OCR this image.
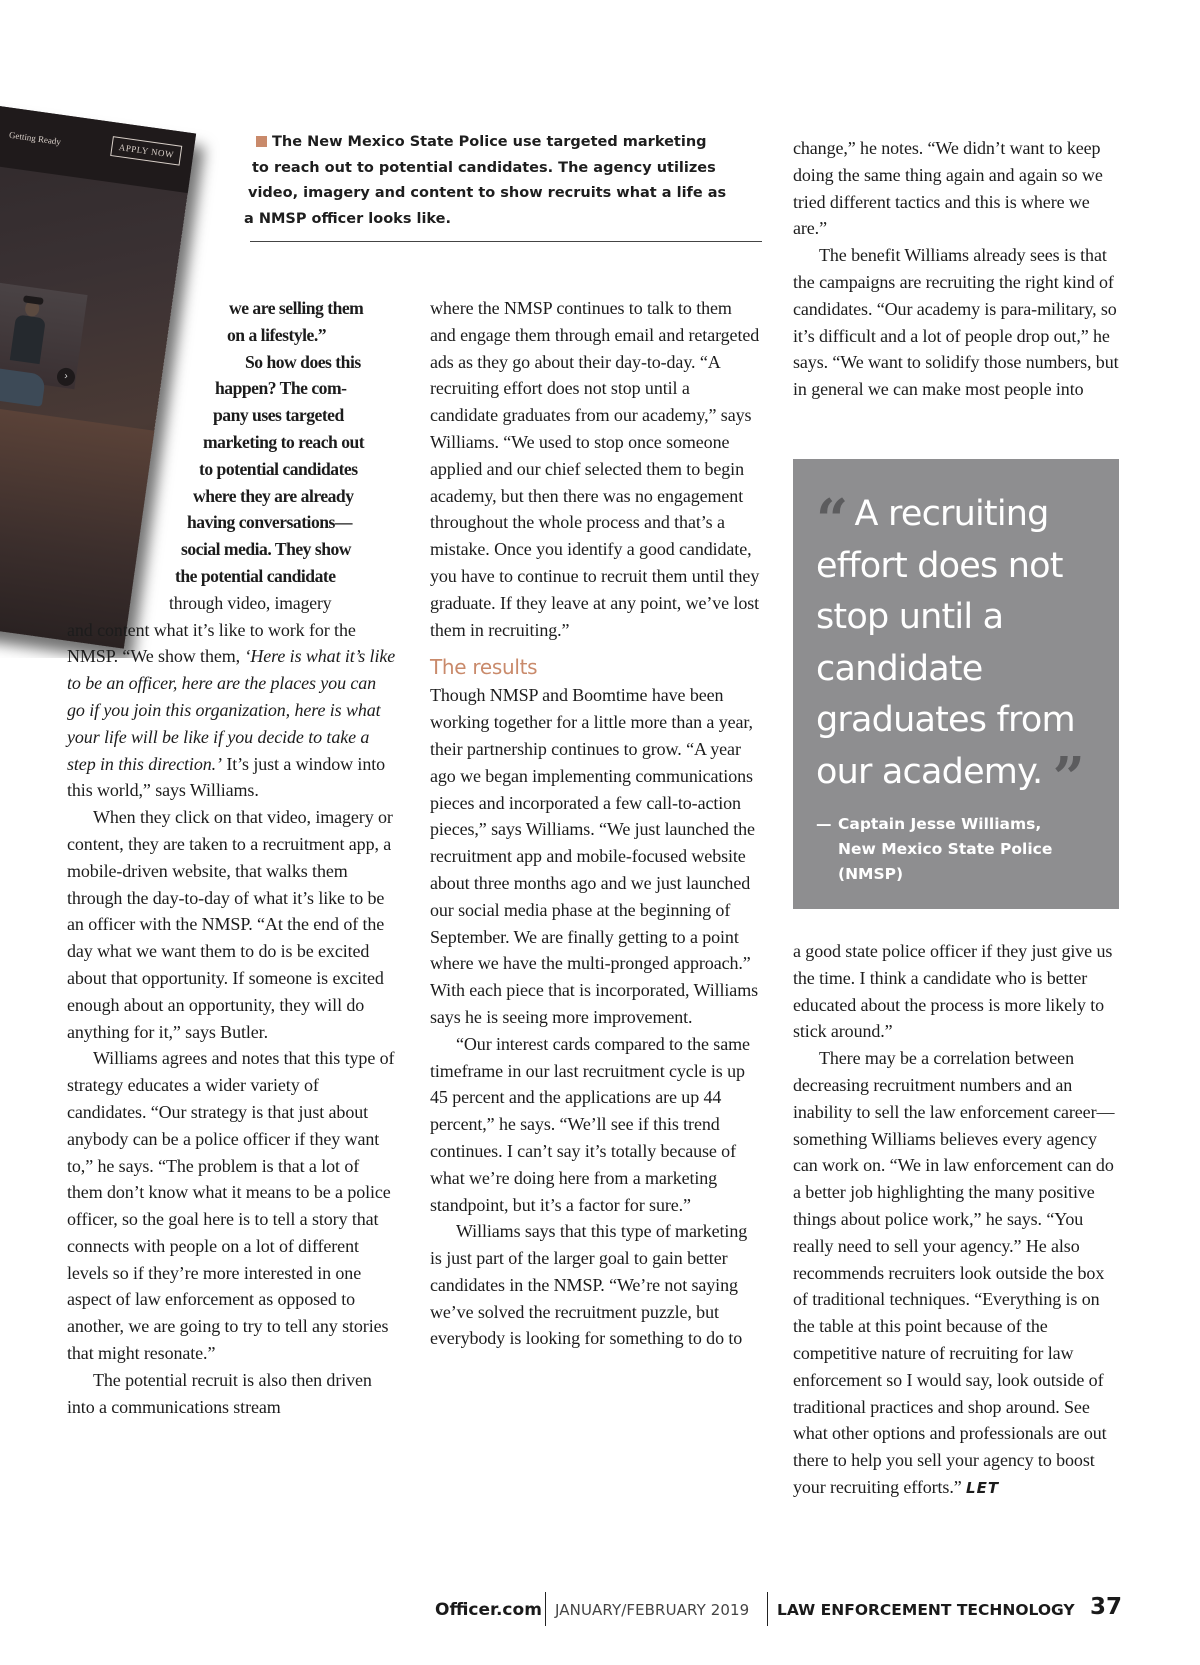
Getting Ready
APPLY NOW
›
The New Mexico State Police use targeted marketing
to reach out to potential candidates. The agency utilizes
video, imagery and content to show recruits what a life as
a NMSP officer looks like.
we are selling them
on a lifestyle.”
So how does this
happen? The com-
pany uses targeted
marketing to reach out
to potential candidates
where they are already
having conversations—
social media. They show
the potential candidate
through video, imagery

and content what it’s like to work for the NMSP. “We show them, ‘Here is what it’s like to be an officer, here are the places you can go if you join this organization, here is what your life will be like if you decide to take a step in this direction.’ It’s just a window into this world,” says Williams.

When they click on that video, imagery or content, they are taken to a recruitment app, a mobile-driven website, that walks them through the day-to-day of what it’s like to be an officer with the NMSP. “At the end of the day what we want them to do is be excited about that opportunity. If someone is excited enough about an opportunity, they will do anything for it,” says Butler.

Williams agrees and notes that this type of strategy educates a wider variety of candidates. “Our strategy is that just about anybody can be a police officer if they want to,” he says. “The problem is that a lot of them don’t know what it means to be a police officer, so the goal here is to tell a story that connects with people on a lot of different levels so if they’re more interested in one aspect of law enforcement as opposed to another, we are going to try to tell any stories that might resonate.”

The potential recruit is also then driven into a communications stream

where the NMSP continues to talk to them and engage them through email and retargeted ads as they go about their day-to-day. “A recruiting effort does not stop until a candidate graduates from our academy,” says Williams. “We used to stop once someone applied and our chief selected them to begin academy, but then there was no engagement throughout the whole process and that’s a mistake. Once you identify a good candidate, you have to continue to recruit them until they graduate. If they leave at any point, we’ve lost them in recruiting.”

The results

Though NMSP and Boomtime have been working together for a little more than a year, their partnership continues to grow. “A year ago we began implementing communications pieces and incorporated a few call-to-action pieces,” says Williams. “We just launched the recruitment app and mobile-focused website about three months ago and we just launched our social media phase at the beginning of September. We are finally getting to a point where we have the multi-pronged approach.” With each piece that is incorporated, Williams says he is seeing more improvement.

“Our interest cards compared to the same timeframe in our last recruitment cycle is up 45 percent and the applications are up 44 percent,” he says. “We’ll see if this trend continues. I can’t say it’s totally because of what we’re doing here from a marketing standpoint, but it’s a factor for sure.”

Williams says that this type of marketing is just part of the larger goal to gain better candidates in the NMSP. “We’re not saying we’ve solved the recruitment puzzle, but everybody is looking for something to do to

change,” he notes. “We didn’t want to keep doing the same thing again and again so we tried different tactics and this is where we are.”

The benefit Williams already sees is that the campaigns are recruiting the right kind of candidates. “Our academy is para-military, so it’s difficult and a lot of people drop out,” he says. “We want to solidify those numbers, but in general we can make most people into

“ A recruiting effort does not stop until a candidate graduates from our academy. ”
— Captain Jesse Williams,
New Mexico State Police
(NMSP)

a good state police officer if they just give us the time. I think a candidate who is better educated about the process is more likely to stick around.”

There may be a correlation between decreasing recruitment numbers and an inability to sell the law enforcement career—something Williams believes every agency can work on. “We in law enforcement can do a better job highlighting the many positive things about police work,” he says. “You really need to sell your agency.” He also recommends recruiters look outside the box of traditional techniques. “Everything is on the table at this point because of the competitive nature of recruiting for law enforcement so I would say, look outside of traditional practices and shop around. See what other options and professionals are out there to help you sell your agency to boost your recruiting efforts.” LET

Officer.com JANUARY/FEBRUARY 2019 LAW ENFORCEMENT TECHNOLOGY 37
